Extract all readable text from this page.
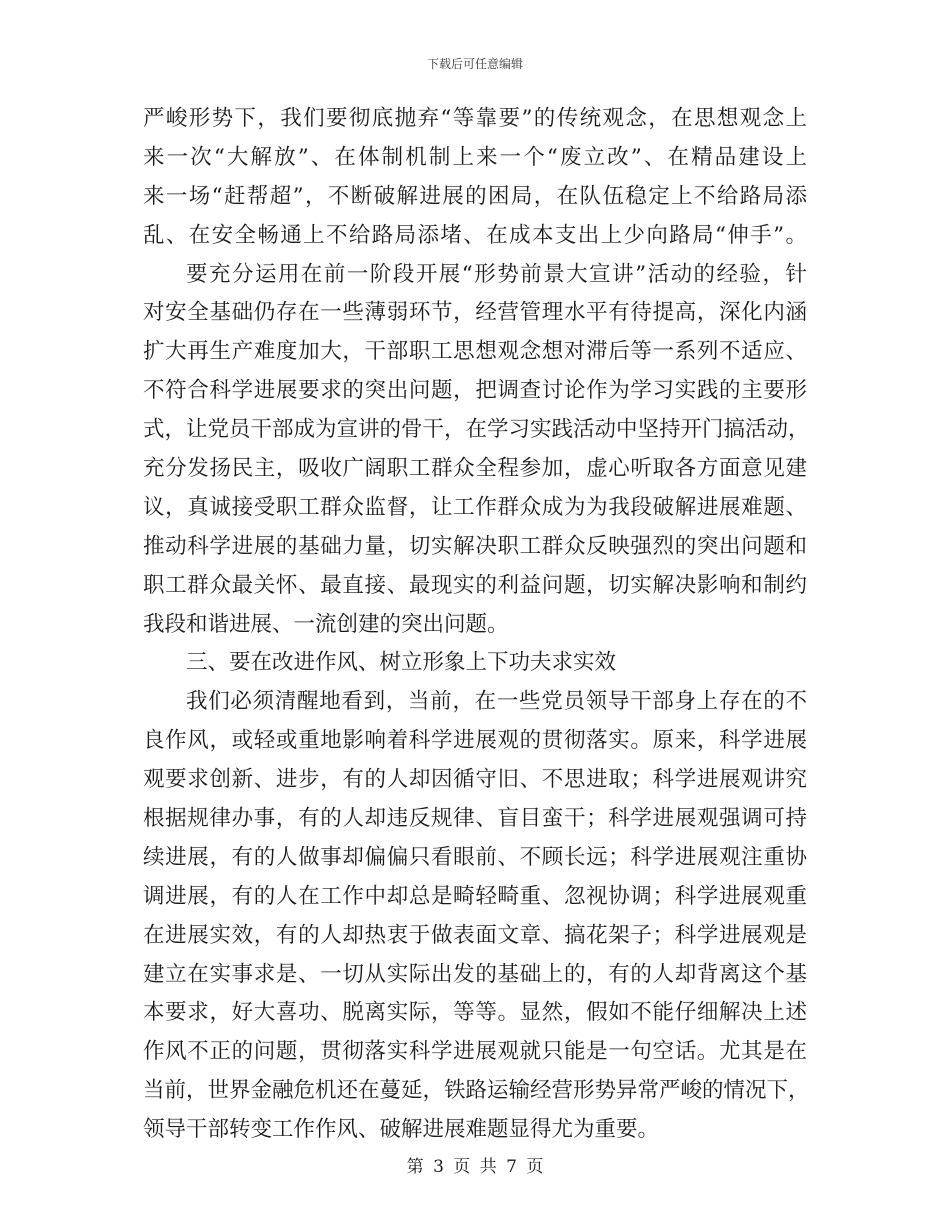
下载后可任意编辑
严峻形势下，我们要彻底抛弃“等靠要”的传统观念，在思想观念上
来一次“大解放”、在体制机制上来一个“废立改”、在精品建设上
来一场“赶帮超”，不断破解进展的困局，在队伍稳定上不给路局添
乱、在安全畅通上不给路局添堵、在成本支出上少向路局“伸手”。
要充分运用在前一阶段开展“形势前景大宣讲”活动的经验，针
对安全基础仍存在一些薄弱环节，经营管理水平有待提高，深化内涵
扩大再生产难度加大，干部职工思想观念想对滞后等一系列不适应、
不符合科学进展要求的突出问题，把调查讨论作为学习实践的主要形
式，让党员干部成为宣讲的骨干，在学习实践活动中坚持开门搞活动，
充分发扬民主，吸收广阔职工群众全程参加，虚心听取各方面意见建
议，真诚接受职工群众监督，让工作群众成为为我段破解进展难题、
推动科学进展的基础力量，切实解决职工群众反映强烈的突出问题和
职工群众最关怀、最直接、最现实的利益问题，切实解决影响和制约
我段和谐进展、一流创建的突出问题。
三、要在改进作风、树立形象上下功夫求实效
我们必须清醒地看到，当前，在一些党员领导干部身上存在的不
良作风，或轻或重地影响着科学进展观的贯彻落实。原来，科学进展
观要求创新、进步，有的人却因循守旧、不思进取；科学进展观讲究
根据规律办事，有的人却违反规律、盲目蛮干；科学进展观强调可持
续进展，有的人做事却偏偏只看眼前、不顾长远；科学进展观注重协
调进展，有的人在工作中却总是畸轻畸重、忽视协调；科学进展观重
在进展实效，有的人却热衷于做表面文章、搞花架子；科学进展观是
建立在实事求是、一切从实际出发的基础上的，有的人却背离这个基
本要求，好大喜功、脱离实际，等等。显然，假如不能仔细解决上述
作风不正的问题，贯彻落实科学进展观就只能是一句空话。尤其是在
当前，世界金融危机还在蔓延，铁路运输经营形势异常严峻的情况下，
领导干部转变工作作风、破解进展难题显得尤为重要。
第 3 页 共 7 页
